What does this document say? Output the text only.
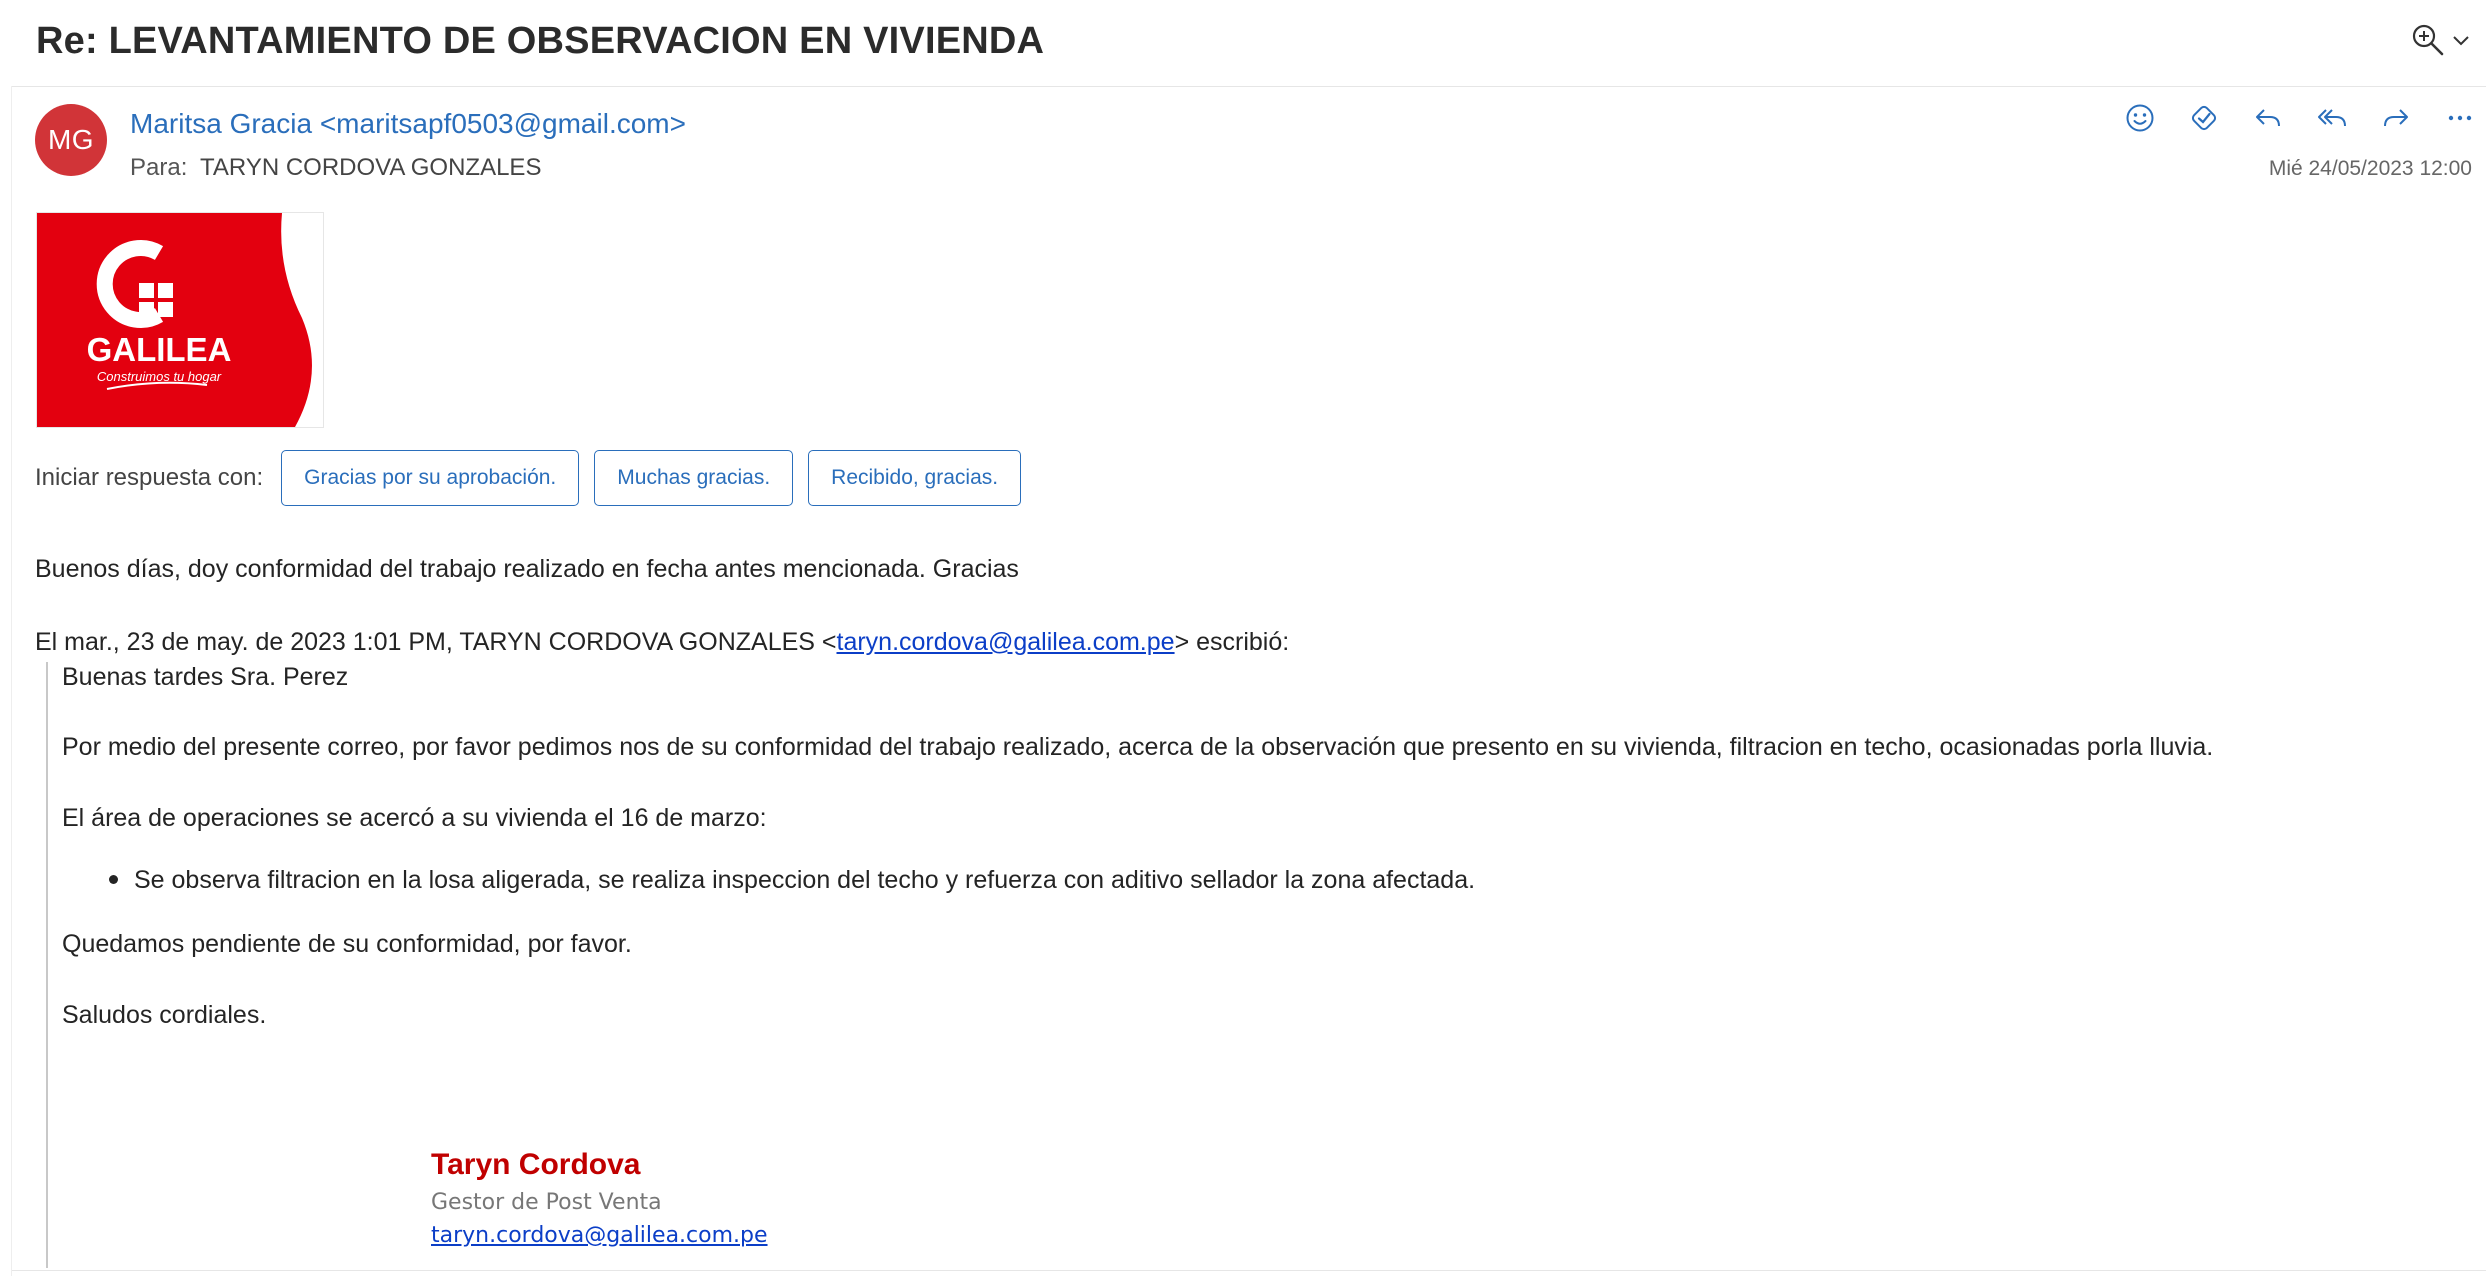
Re: LEVANTAMIENTO DE OBSERVACION EN VIVIENDA
MG
Maritsa Gracia <maritsapf0503@gmail.com>
Para: TARYN CORDOVA GONZALES	Mié 24/05/2023 12:00
GALILEA
Construimos tu hogar
Iniciar respuesta con:	Gracias por su aprobación.	Muchas gracias.	Recibido, gracias.
Buenos días, doy conformidad del trabajo realizado en fecha antes mencionada. Gracias
El mar., 23 de may. de 2023 1:01 PM, TARYN CORDOVA GONZALES <taryn.cordova@galilea.com.pe> escribió:
Buenas tardes Sra. Perez
Por medio del presente correo, por favor pedimos nos de su conformidad del trabajo realizado, acerca de la observación que presento en su vivienda, filtracion en techo, ocasionadas porla lluvia.
El área de operaciones se acercó a su vivienda el 16 de marzo:
Se observa filtracion en la losa aligerada, se realiza inspeccion del techo y refuerza con aditivo sellador la zona afectada.
Quedamos pendiente de su conformidad, por favor.
Saludos cordiales.
Taryn Cordova
Gestor de Post Venta
taryn.cordova@galilea.com.pe
